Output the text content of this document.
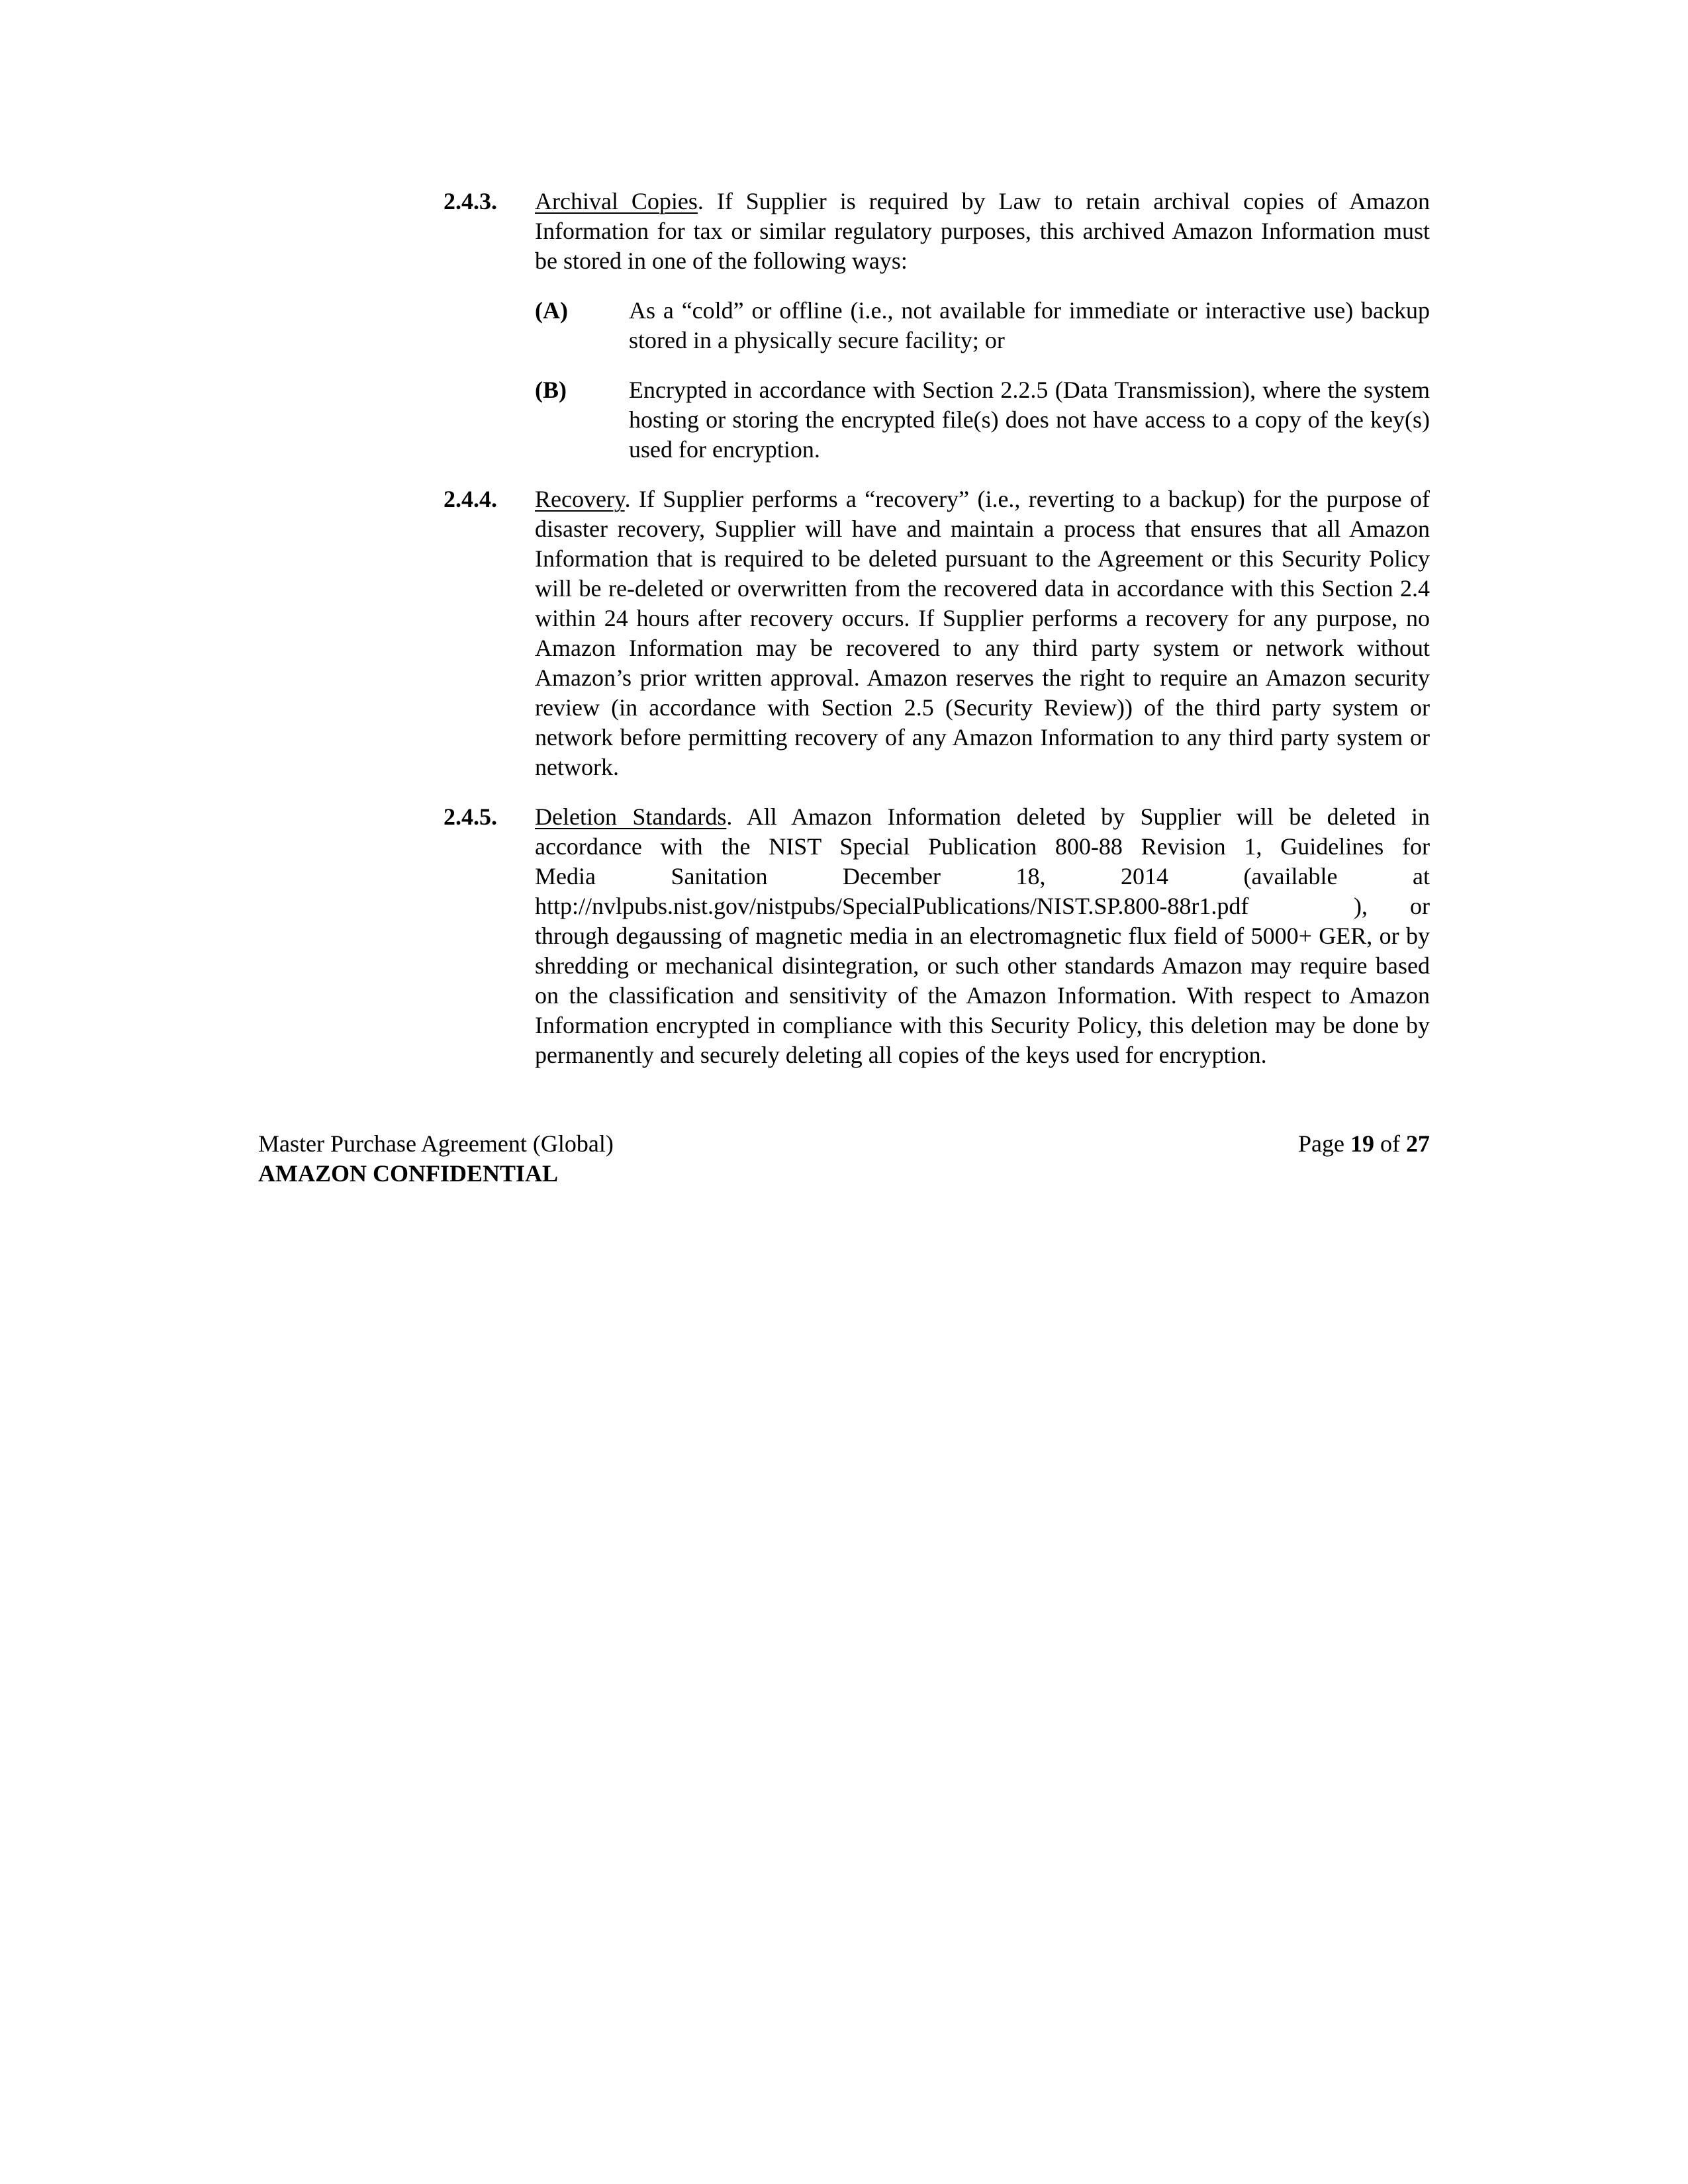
2.4.3.	Archival Copies. If Supplier is required by Law to retain archival copies of Amazon Information for tax or similar regulatory purposes, this archived Amazon Information must be stored in one of the following ways:
(A)	As a “cold” or offline (i.e., not available for immediate or interactive use) backup stored in a physically secure facility; or
(B)	Encrypted in accordance with Section 2.2.5 (Data Transmission), where the system hosting or storing the encrypted file(s) does not have access to a copy of the key(s) used for encryption.
2.4.4.	Recovery. If Supplier performs a “recovery” (i.e., reverting to a backup) for the purpose of disaster recovery, Supplier will have and maintain a process that ensures that all Amazon Information that is required to be deleted pursuant to the Agreement or this Security Policy will be re-deleted or overwritten from the recovered data in accordance with this Section 2.4 within 24 hours after recovery occurs. If Supplier performs a recovery for any purpose, no Amazon Information may be recovered to any third party system or network without Amazon’s prior written approval. Amazon reserves the right to require an Amazon security review (in accordance with Section 2.5 (Security Review)) of the third party system or network before permitting recovery of any Amazon Information to any third party system or network.
2.4.5.	Deletion Standards. All Amazon Information deleted by Supplier will be deleted in accordance with the NIST Special Publication 800-88 Revision 1, Guidelines for
Media	Sanitation	December	18,	2014	(available	at
http://nvlpubs.nist.gov/nistpubs/SpecialPublications/NIST.SP.800-88r1.pdf	), or
through degaussing of magnetic media in an electromagnetic flux field of 5000+ GER, or by shredding or mechanical disintegration, or such other standards Amazon may require based on the classification and sensitivity of the Amazon Information. With respect to Amazon Information encrypted in compliance with this Security Policy, this deletion may be done by permanently and securely deleting all copies of the keys used for encryption.
Master Purchase Agreement (Global)	Page 19 of 27
AMAZON CONFIDENTIAL
